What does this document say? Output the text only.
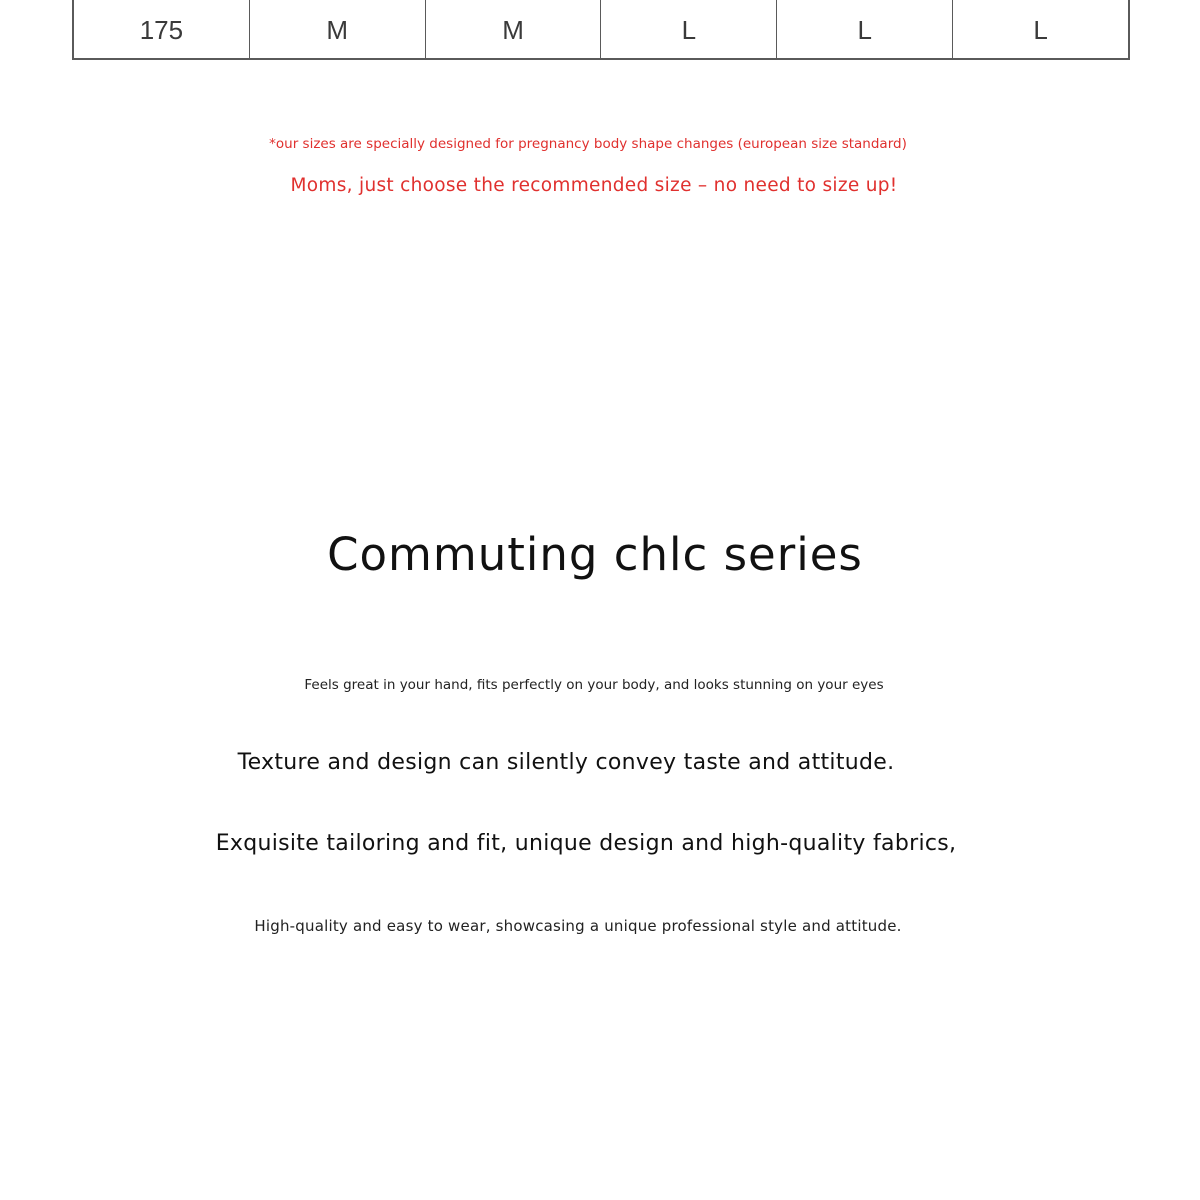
175	M	M	L	L	L
*our sizes are specially designed for pregnancy body shape changes (european size standard)
Moms, just choose the recommended size – no need to size up!
Commuting chlc series
Feels great in your hand, fits perfectly on your body, and looks stunning on your eyes
Texture and design can silently convey taste and attitude.
Exquisite tailoring and fit, unique design and high-quality fabrics,
High-quality and easy to wear, showcasing a unique professional style and attitude.
